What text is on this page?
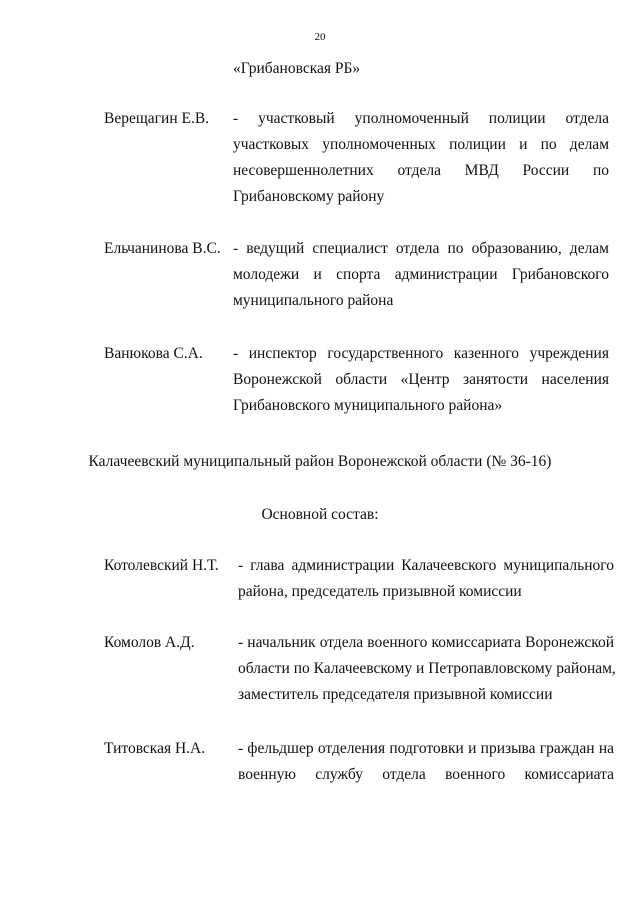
20
«Грибановская РБ»
Верещагин Е.В. - участковый уполномоченный полиции отдела
участковых уполномоченных полиции и по делам
несовершеннолетних отдела МВД России по
Грибановскому району
Ельчанинова В.С. - ведущий специалист отдела по образованию, делам
молодежи и спорта администрации Грибановского
муниципального района
Ванюкова С.А. - инспектор государственного казенного учреждения
Воронежской области «Центр занятости населения
Грибановского муниципального района»
Калачеевский муниципальный район Воронежской области (№ 36-16)
Основной состав:
Котолевский Н.Т. - глава администрации Калачеевского муниципального
района, председатель призывной комиссии
Комолов А.Д.	- начальник отдела военного комиссариата Воронежской
области по Калачеевскому и Петропавловскому районам,
заместитель председателя призывной комиссии
Титовская Н.А. - фельдшер отделения подготовки и призыва граждан на
военную службу отдела военного комиссариата
